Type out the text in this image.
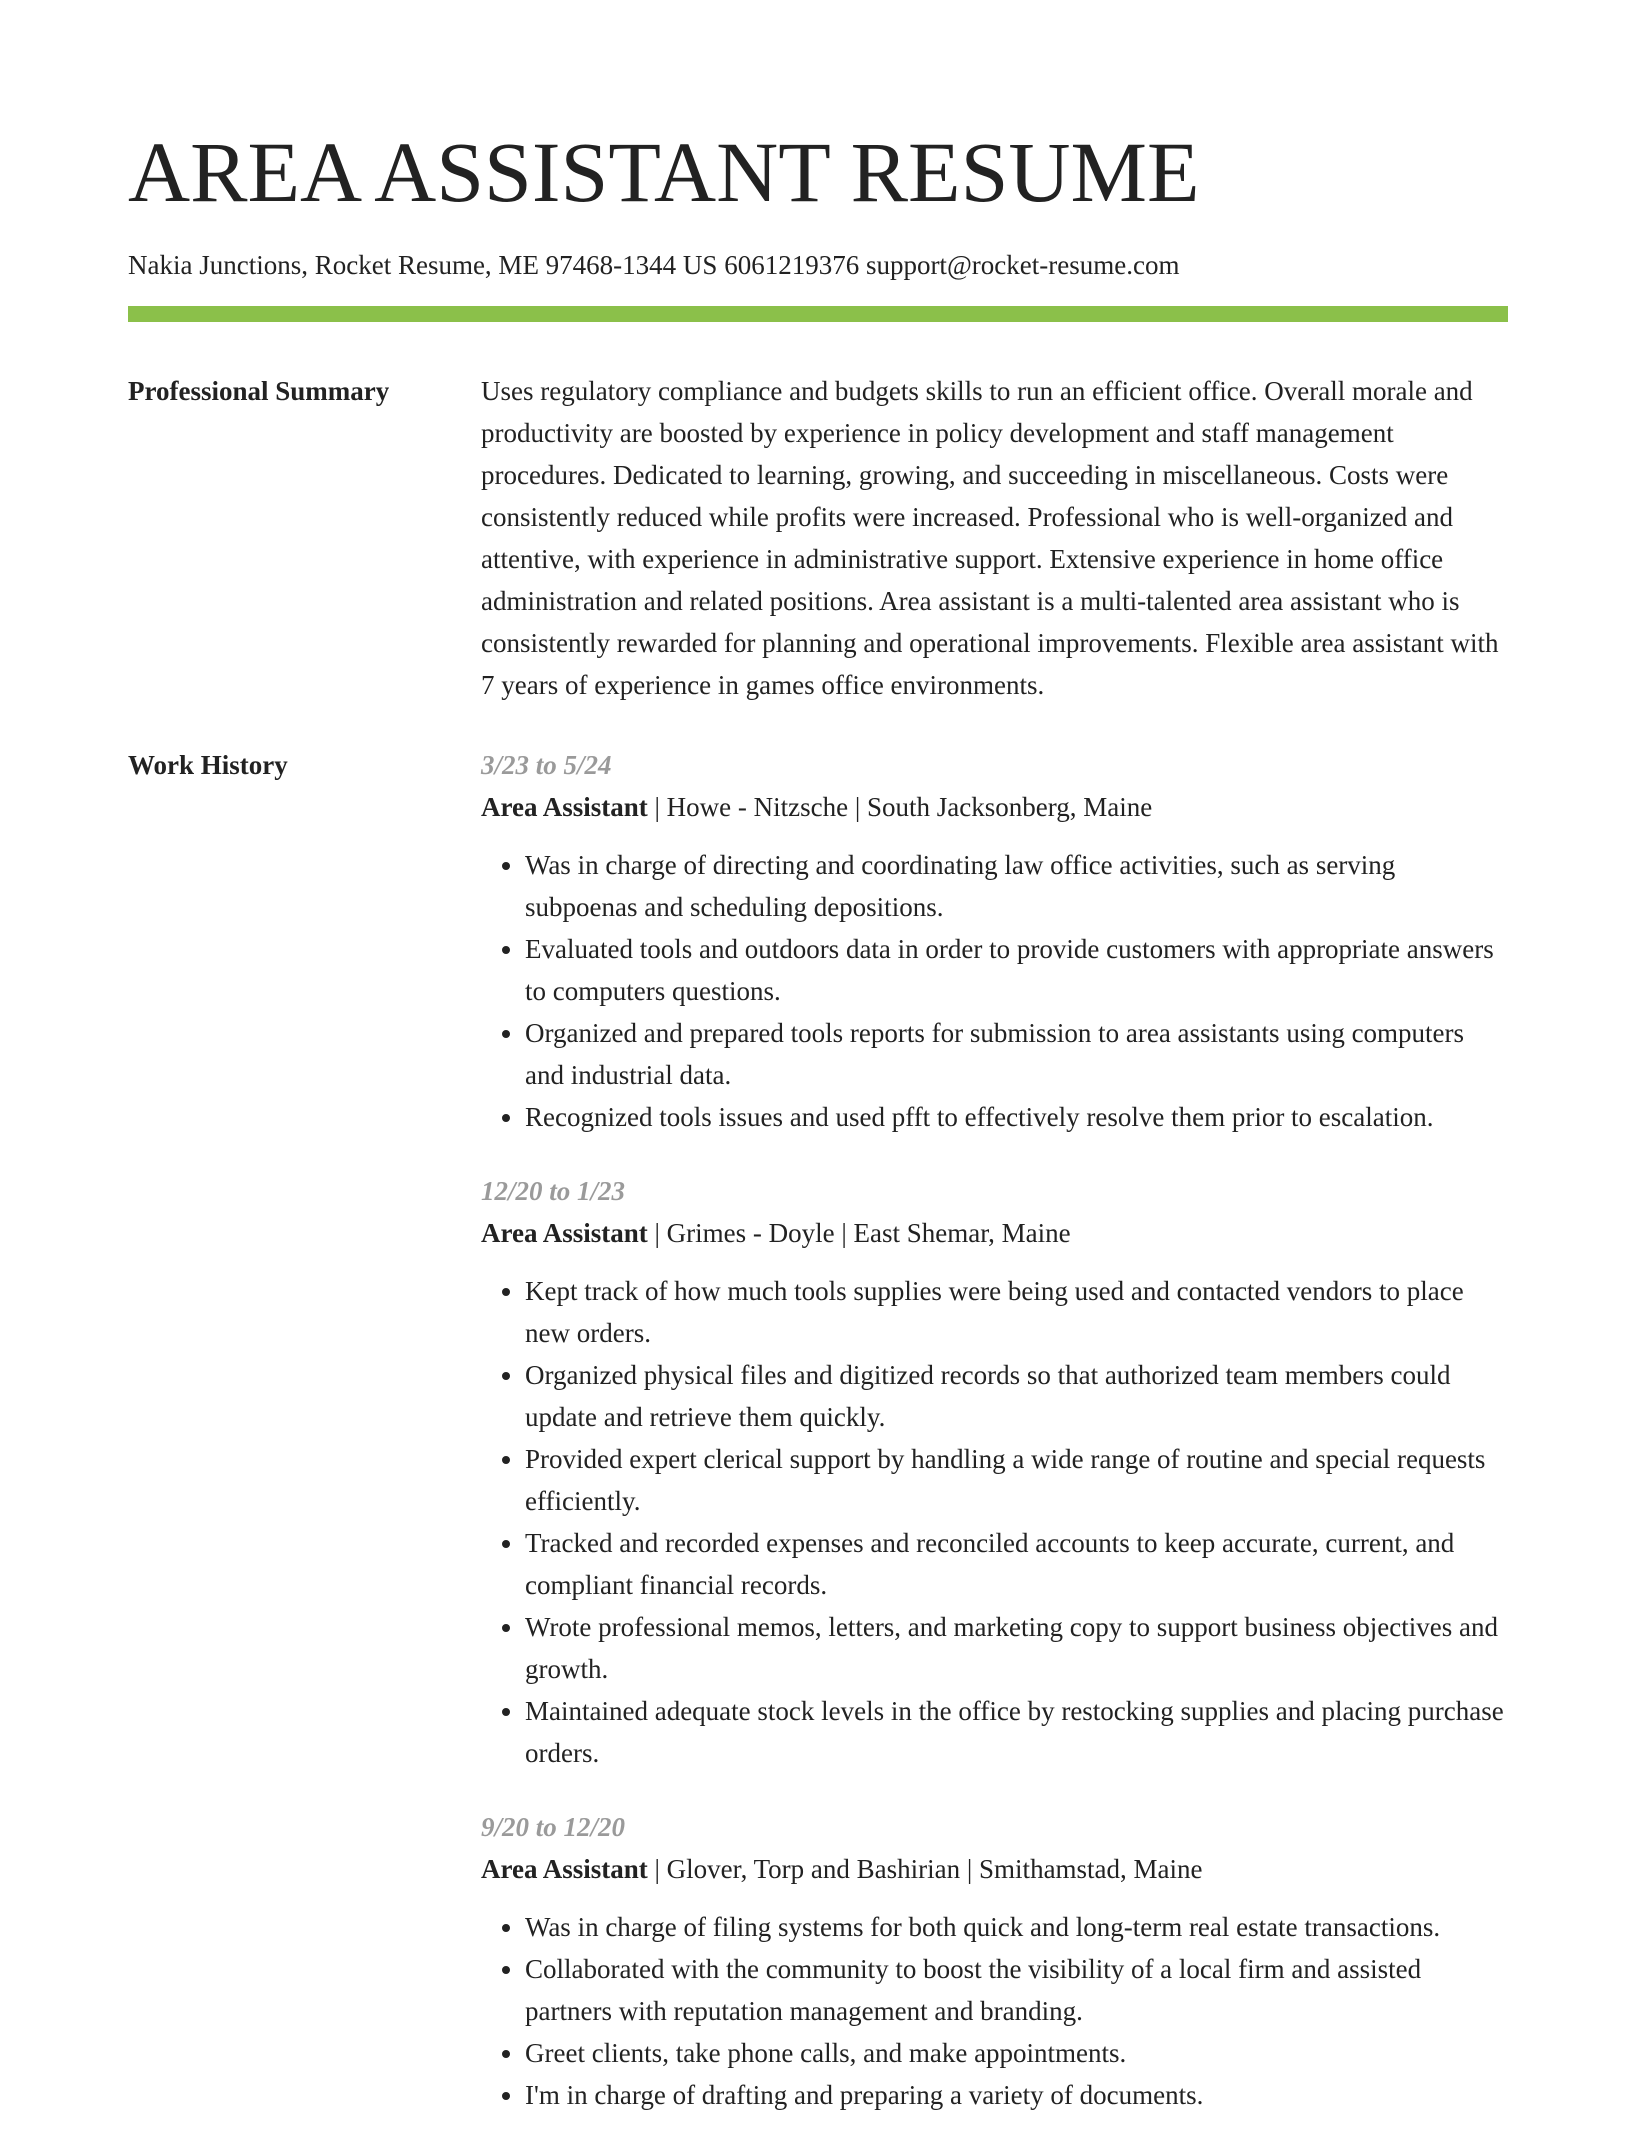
AREA ASSISTANT RESUME
Nakia Junctions, Rocket Resume, ME 97468-1344 US 6061219376 support@rocket-resume.com
Professional Summary	Uses regulatory compliance and budgets skills to run an efficient office. Overall morale and productivity are boosted by experience in policy development and staff management procedures. Dedicated to learning, growing, and succeeding in miscellaneous. Costs were consistently reduced while profits were increased. Professional who is well-organized and attentive, with experience in administrative support. Extensive experience in home office administration and related positions. Area assistant is a multi-talented area assistant who is consistently rewarded for planning and operational improvements. Flexible area assistant with 7 years of experience in games office environments.

Work History	3/23 to 5/24
Area Assistant | Howe - Nitzsche | South Jacksonberg, Maine
• Was in charge of directing and coordinating law office activities, such as serving subpoenas and scheduling depositions.
• Evaluated tools and outdoors data in order to provide customers with appropriate answers to computers questions.
• Organized and prepared tools reports for submission to area assistants using computers and industrial data.
• Recognized tools issues and used pfft to effectively resolve them prior to escalation.
12/20 to 1/23
Area Assistant | Grimes - Doyle | East Shemar, Maine
• Kept track of how much tools supplies were being used and contacted vendors to place new orders.
• Organized physical files and digitized records so that authorized team members could update and retrieve them quickly.
• Provided expert clerical support by handling a wide range of routine and special requests efficiently.
• Tracked and recorded expenses and reconciled accounts to keep accurate, current, and compliant financial records.
• Wrote professional memos, letters, and marketing copy to support business objectives and growth.
• Maintained adequate stock levels in the office by restocking supplies and placing purchase orders.
9/20 to 12/20
Area Assistant | Glover, Torp and Bashirian | Smithamstad, Maine
• Was in charge of filing systems for both quick and long-term real estate transactions.
• Collaborated with the community to boost the visibility of a local firm and assisted partners with reputation management and branding.
• Greet clients, take phone calls, and make appointments.
• I'm in charge of drafting and preparing a variety of documents.
